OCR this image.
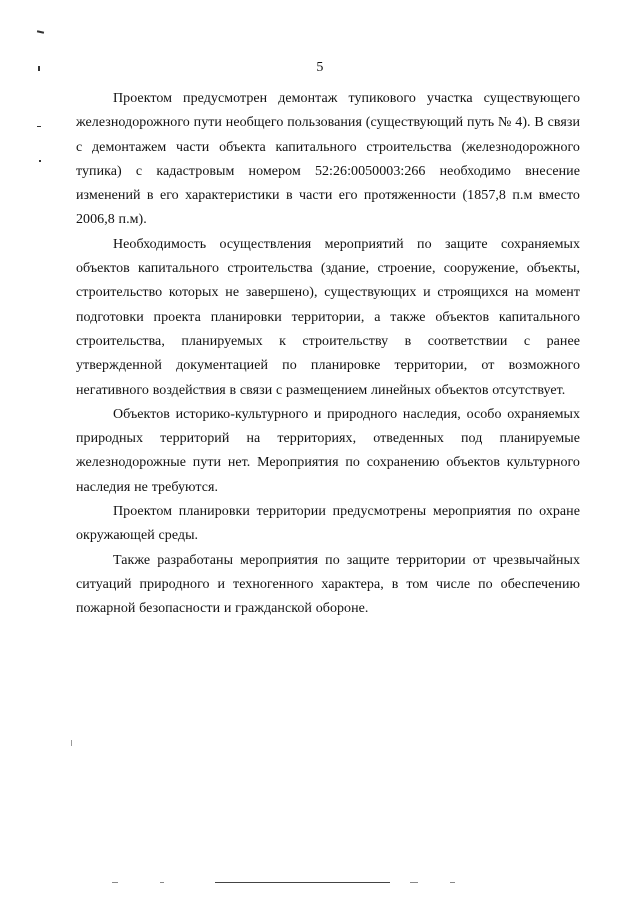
5

Проектом предусмотрен демонтаж тупикового участка существующего железнодорожного пути необщего пользования (существующий путь № 4). В связи с демонтажем части объекта капитального строительства (железнодорожного тупика) с кадастровым номером 52:26:0050003:266 необходимо внесение изменений в его характеристики в части его протяженности (1857,8 п.м вместо 2006,8 п.м).

Необходимость осуществления мероприятий по защите сохраняемых объектов капитального строительства (здание, строение, сооружение, объекты, строительство которых не завершено), существующих и строящихся на момент подготовки проекта планировки территории, а также объектов капитального строительства, планируемых к строительству в соответствии с ранее утвержденной документацией по планировке территории, от возможного негативного воздействия в связи с размещением линейных объектов отсутствует.

Объектов историко-культурного и природного наследия, особо охраняемых природных территорий на территориях, отведенных под планируемые железнодорожные пути нет. Мероприятия по сохранению объектов культурного наследия не требуются.

Проектом планировки территории предусмотрены мероприятия по охране окружающей среды.

Также разработаны мероприятия по защите территории от чрезвычайных ситуаций природного и техногенного характера, в том числе по обеспечению пожарной безопасности и гражданской обороне.
